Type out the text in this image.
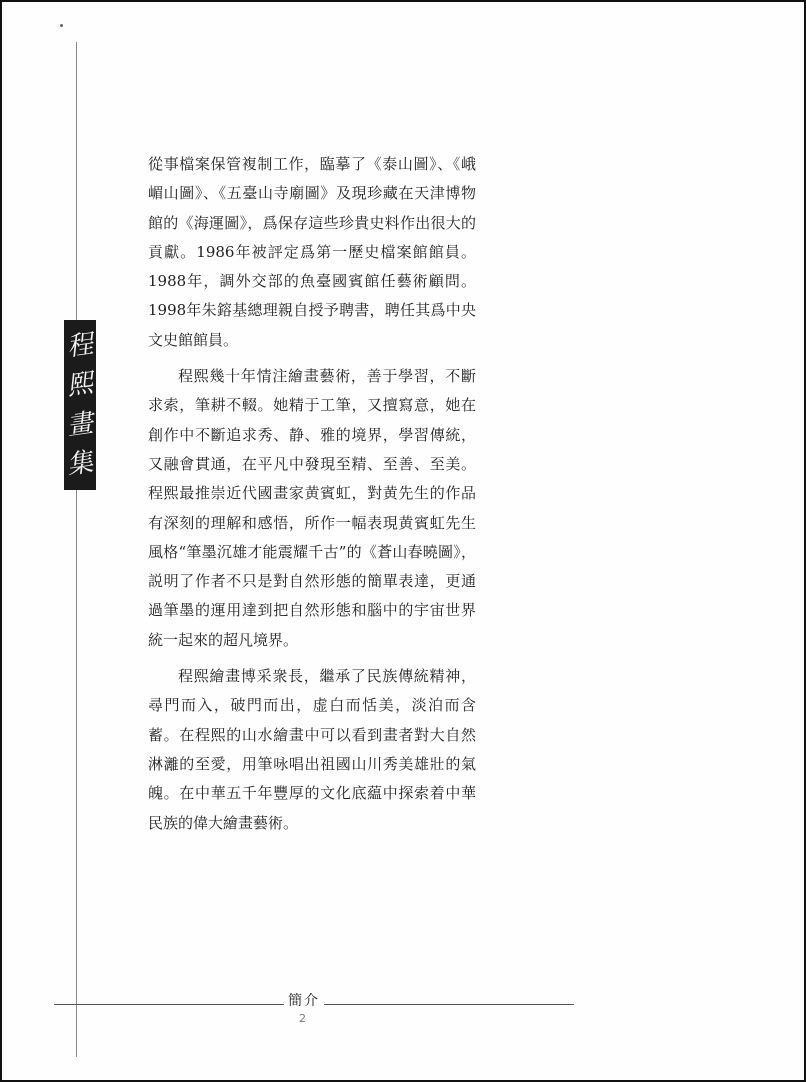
程
熙
畫
集

從事檔案保管複制工作，臨摹了《泰山圖》、《峨嵋山圖》、《五臺山寺廟圖》及現珍藏在天津博物館的《海運圖》，爲保存這些珍貴史料作出很大的貢獻。1986年被評定爲第一歷史檔案館館員。1988年，調外交部的魚臺國賓館任藝術顧問。1998年朱鎔基總理親自授予聘書，聘任其爲中央文史館館員。

程熙幾十年情注繪畫藝術，善于學習，不斷求索，筆耕不輟。她精于工筆，又擅寫意，她在創作中不斷追求秀、静、雅的境界，學習傳統，又融會貫通，在平凡中發現至精、至善、至美。程熙最推崇近代國畫家黄賓虹，對黄先生的作品有深刻的理解和感悟，所作一幅表現黄賓虹先生風格“筆墨沉雄才能震耀千古”的《蒼山春曉圖》，説明了作者不只是對自然形態的簡單表達，更通過筆墨的運用達到把自然形態和腦中的宇宙世界統一起來的超凡境界。

程熙繪畫博采衆長，繼承了民族傳統精神，尋門而入，破門而出，虚白而恬美，淡泊而含蓄。在程熙的山水繪畫中可以看到畫者對大自然淋灕的至愛，用筆咏唱出祖國山川秀美雄壯的氣魄。在中華五千年豐厚的文化底藴中探索着中華民族的偉大繪畫藝術。

簡介
2
